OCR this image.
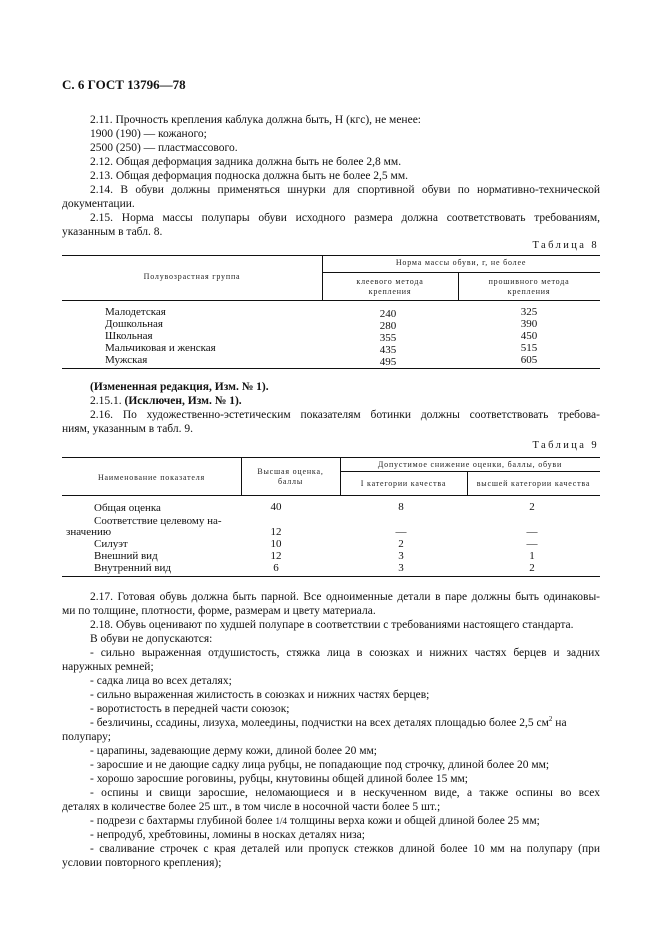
С. 6 ГОСТ 13796—78
2.11. Прочность крепления каблука должна быть, Н (кгс), не менее:
1900 (190) — кожаного;
2500 (250) — пластмассового.
2.12. Общая деформация задника должна быть не более 2,8 мм.
2.13. Общая деформация подноска должна быть не более 2,5 мм.
2.14. В обуви должны применяться шнурки для спортивной обуви по нормативно-технической
документации.
2.15. Норма массы полупары обуви исходного размера должна соответствовать требованиям,
указанным в табл. 8.
Таблица 8
Полувозрастная группа
Норма массы обуви, г, не более
клеевого метода
крепления
прошивного метода
крепления
Малодетская	240	325
Дошкольная	280	390
Школьная	355	450
Мальчиковая и женская	435	515
Мужская	495	605
(Измененная редакция, Изм. № 1).
2.15.1. (Исключен, Изм. № 1).
2.16. По художественно-эстетическим показателям ботинки должны соответствовать требова-
ниям, указанным в табл. 9.
Таблица 9
Наименование показателя
Высшая оценка,
баллы
Допустимое снижение оценки, баллы, обуви
I категории качества	высшей категории качества
Общая оценка	40	8	2
Соответствие целевому на-
значению	12	—	—
Силуэт	10	2	—
Внешний вид	12	3	1
Внутренний вид	6	3	2
2.17. Готовая обувь должна быть парной. Все одноименные детали в паре должны быть одинаковы-
ми по толщине, плотности, форме, размерам и цвету материала.
2.18. Обувь оценивают по худшей полупаре в соответствии с требованиями настоящего стандарта.
В обуви не допускаются:
- сильно выраженная отдушистость, стяжка лица в союзках и нижних частях берцев и задних
наружных ремней;
- садка лица во всех деталях;
- сильно выраженная жилистость в союзках и нижних частях берцев;
- воротистость в передней части союзок;
- безличины, ссадины, лизуха, молеедины, подчистки на всех деталях площадью более 2,5 $см^2$ на
полупару;
- царапины, задевающие дерму кожи, длиной более 20 мм;
- заросшие и не дающие садку лица рубцы, не попадающие под строчку, длиной более 20 мм;
- хорошо заросшие роговины, рубцы, кнутовины общей длиной более 15 мм;
- оспины и свищи заросшие, неломающиеся и в нескученном виде, а также оспины во всех
деталях в количестве более 25 шт., в том числе в носочной части более 5 шт.;
- подрези с бахтармы глубиной более 1/4 толщины верха кожи и общей длиной более 25 мм;
- непродуб, хребтовины, ломины в носках деталях низа;
- сваливание строчек с края деталей или пропуск стежков длиной более 10 мм на полупару (при
условии повторного крепления);
